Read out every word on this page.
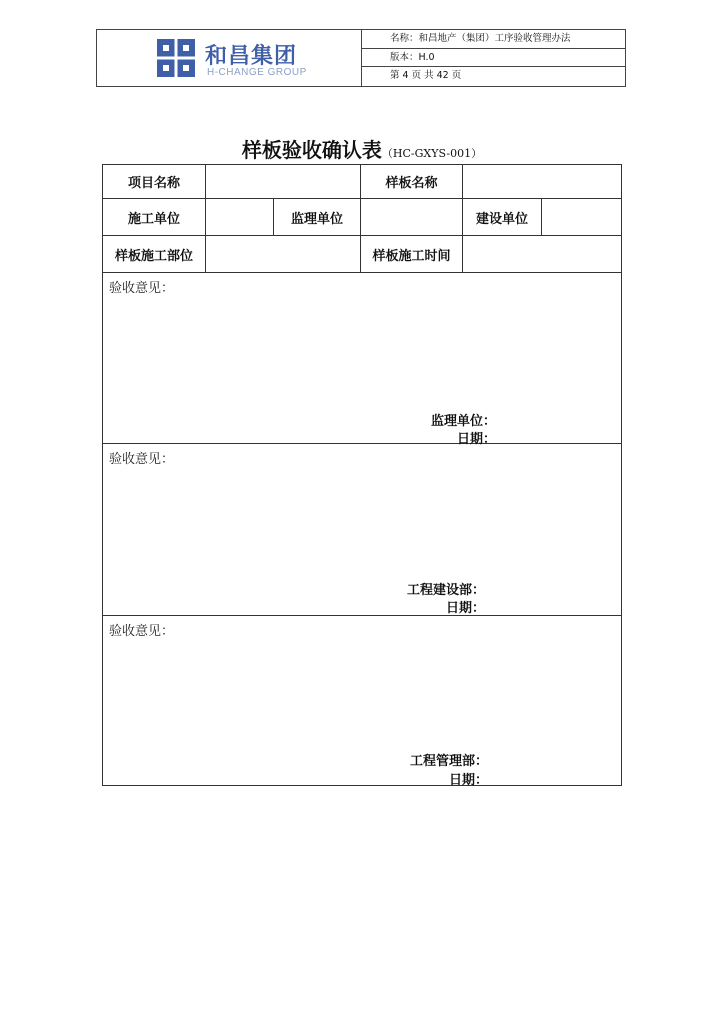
和昌集团
H-CHANGE GROUP
名称：和昌地产（集团）工序验收管理办法
版本：H.0
第 4 页 共 42 页
样板验收确认表（HC-GXYS-001）
项目名称	样板名称
施工单位	监理单位	建设单位
样板施工部位	样板施工时间
验收意见：
监理单位：
日期：
验收意见：
工程建设部：
日期：
验收意见：
工程管理部：
日期：
